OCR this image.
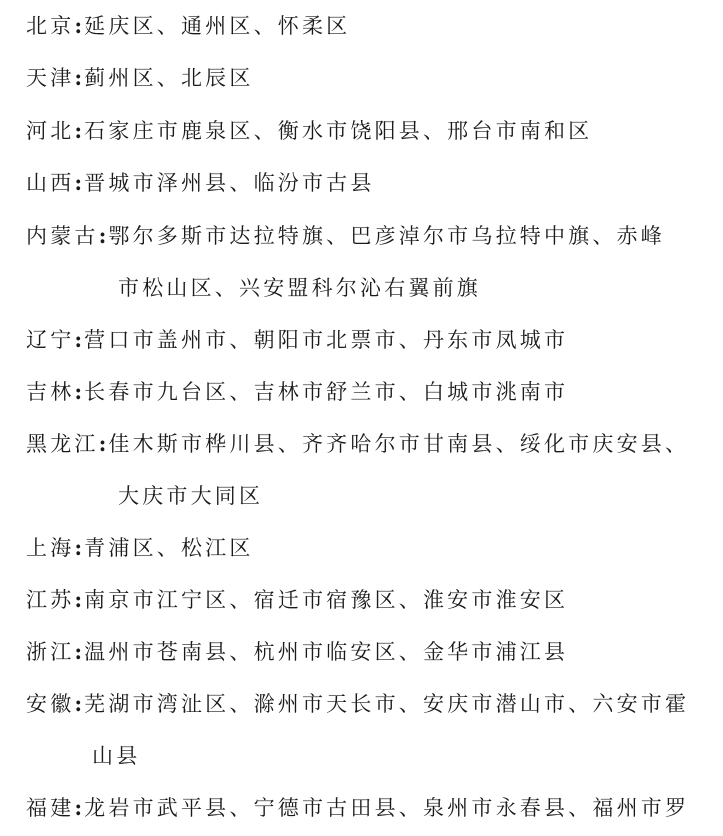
北京:延庆区、通州区、怀柔区
天津:蓟州区、北辰区
河北:石家庄市鹿泉区、衡水市饶阳县、邢台市南和区
山西:晋城市泽州县、临汾市古县
内蒙古:鄂尔多斯市达拉特旗、巴彦淖尔市乌拉特中旗、赤峰
市松山区、兴安盟科尔沁右翼前旗
辽宁:营口市盖州市、朝阳市北票市、丹东市凤城市
吉林:长春市九台区、吉林市舒兰市、白城市洮南市
黑龙江:佳木斯市桦川县、齐齐哈尔市甘南县、绥化市庆安县、
大庆市大同区
上海:青浦区、松江区
江苏:南京市江宁区、宿迁市宿豫区、淮安市淮安区
浙江:温州市苍南县、杭州市临安区、金华市浦江县
安徽:芜湖市湾沚区、滁州市天长市、安庆市潜山市、六安市霍
山县
福建:龙岩市武平县、宁德市古田县、泉州市永春县、福州市罗
